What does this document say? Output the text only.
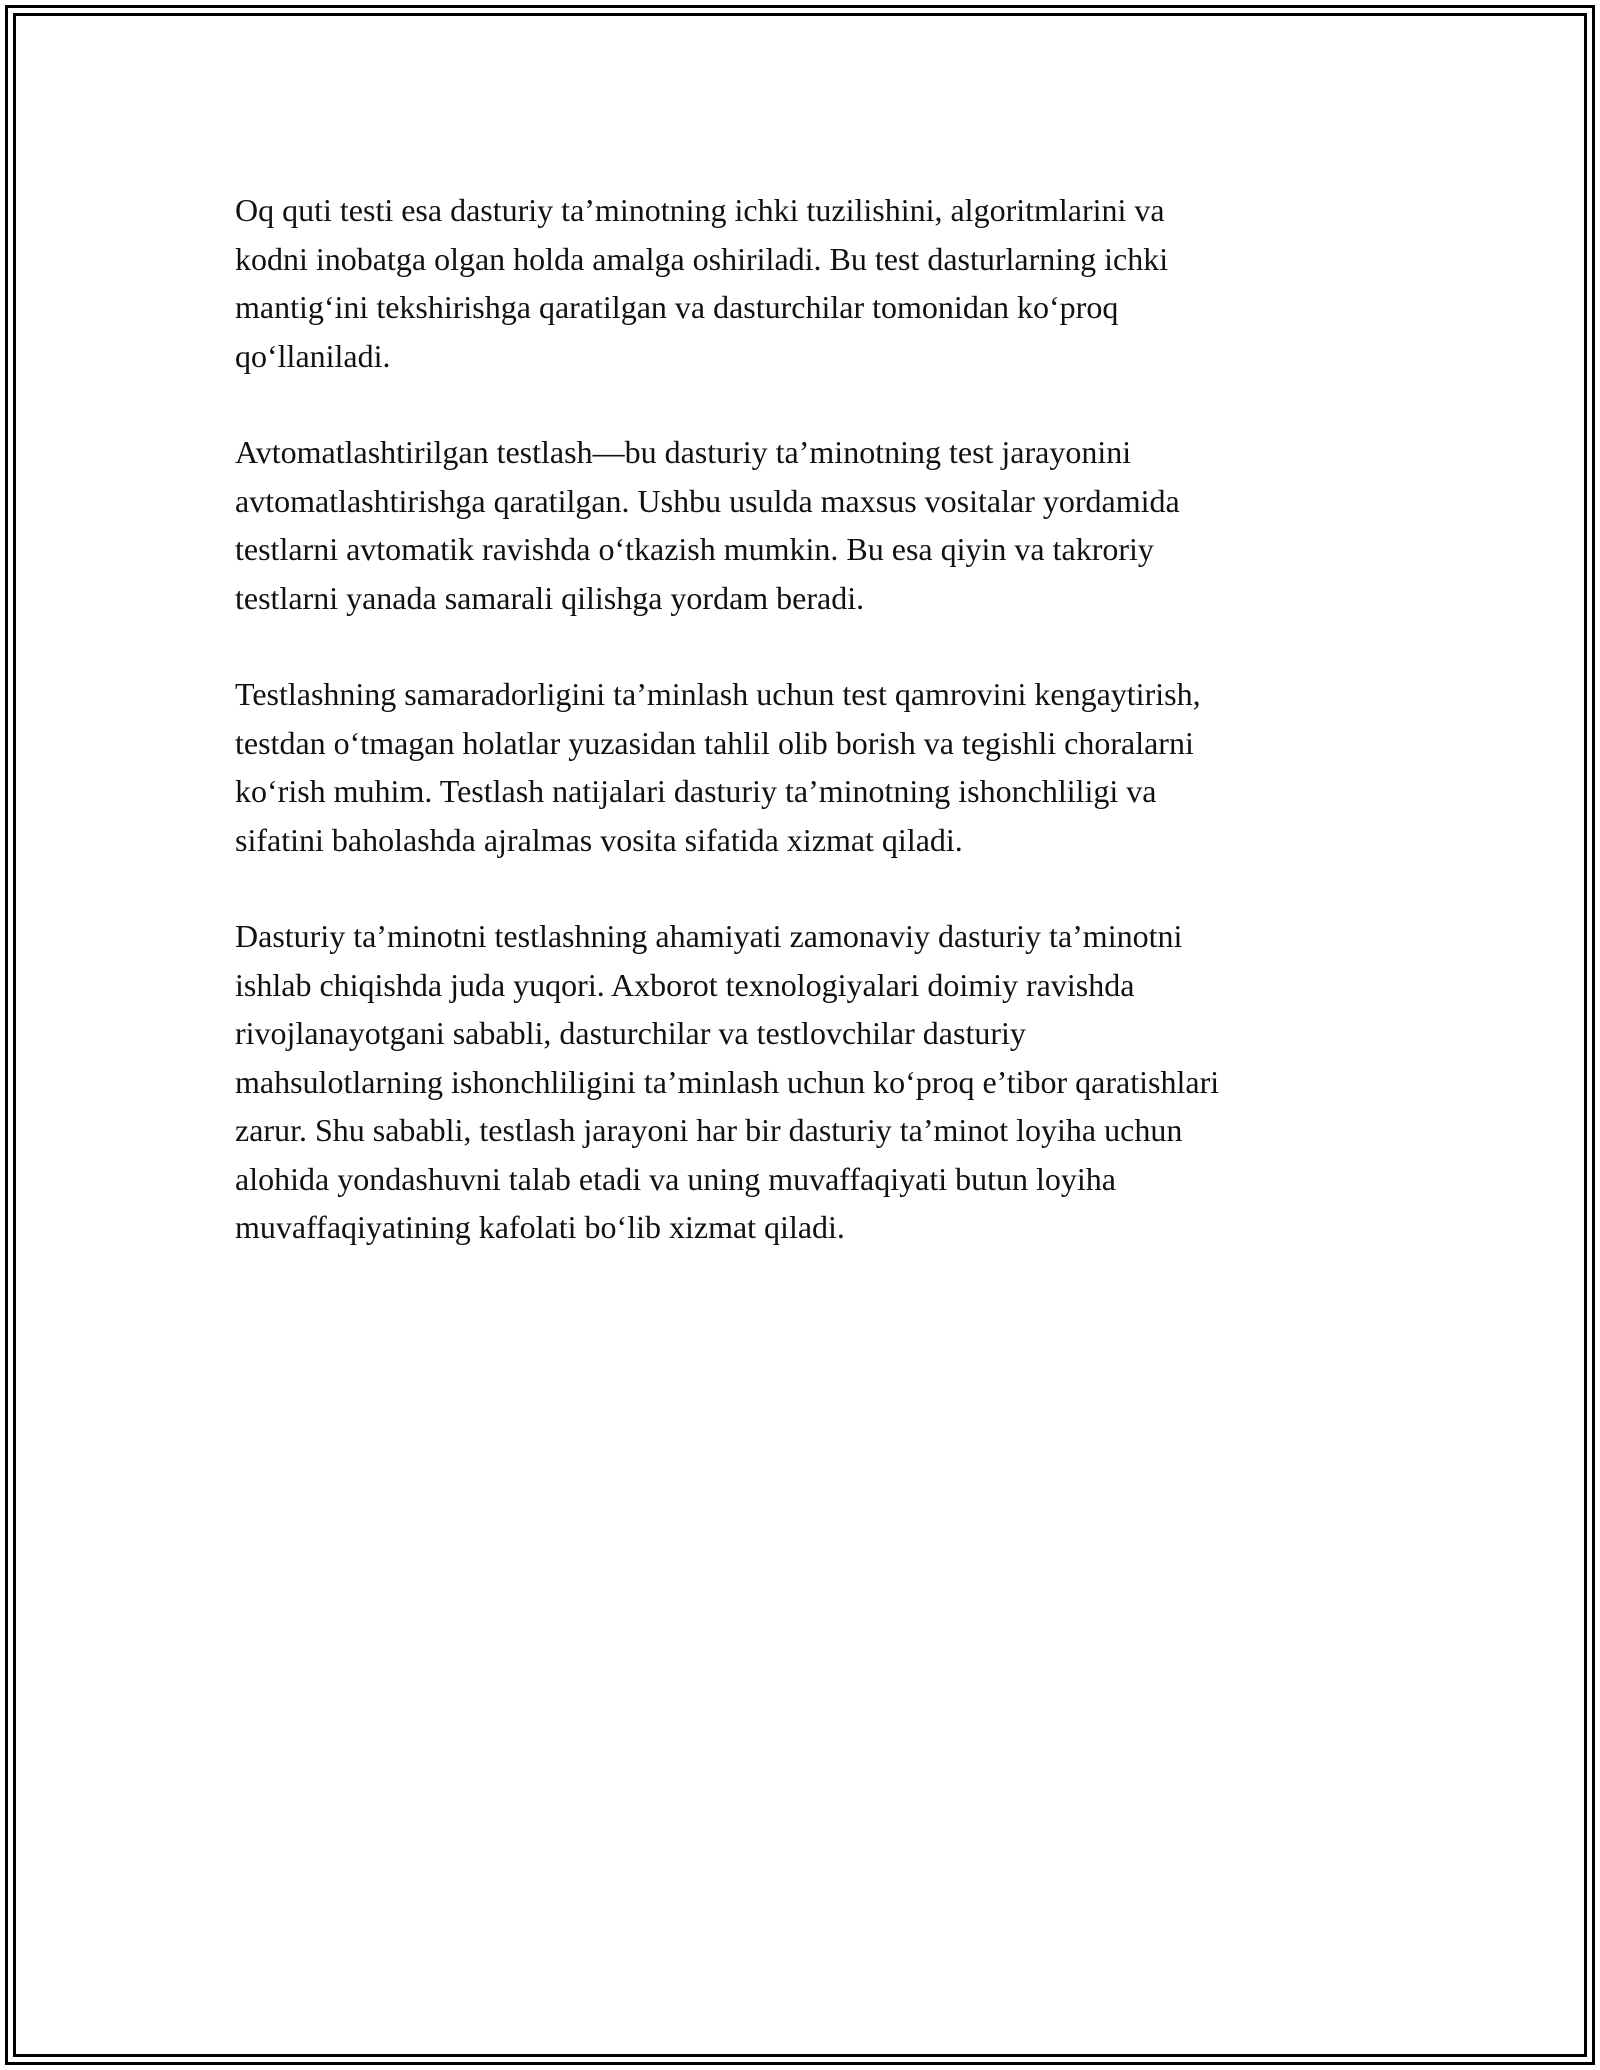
Oq quti testi esa dasturiy ta’minotning ichki tuzilishini, algoritmlarini va
kodni inobatga olgan holda amalga oshiriladi. Bu test dasturlarning ichki
mantig‘ini tekshirishga qaratilgan va dasturchilar tomonidan ko‘proq
qo‘llaniladi.

Avtomatlashtirilgan testlash—bu dasturiy ta’minotning test jarayonini
avtomatlashtirishga qaratilgan. Ushbu usulda maxsus vositalar yordamida
testlarni avtomatik ravishda o‘tkazish mumkin. Bu esa qiyin va takroriy
testlarni yanada samarali qilishga yordam beradi.

Testlashning samaradorligini ta’minlash uchun test qamrovini kengaytirish,
testdan o‘tmagan holatlar yuzasidan tahlil olib borish va tegishli choralarni
ko‘rish muhim. Testlash natijalari dasturiy ta’minotning ishonchliligi va
sifatini baholashda ajralmas vosita sifatida xizmat qiladi.

Dasturiy ta’minotni testlashning ahamiyati zamonaviy dasturiy ta’minotni
ishlab chiqishda juda yuqori. Axborot texnologiyalari doimiy ravishda
rivojlanayotgani sababli, dasturchilar va testlovchilar dasturiy
mahsulotlarning ishonchliligini ta’minlash uchun ko‘proq e’tibor qaratishlari
zarur. Shu sababli, testlash jarayoni har bir dasturiy ta’minot loyiha uchun
alohida yondashuvni talab etadi va uning muvaffaqiyati butun loyiha
muvaffaqiyatining kafolati bo‘lib xizmat qiladi.
